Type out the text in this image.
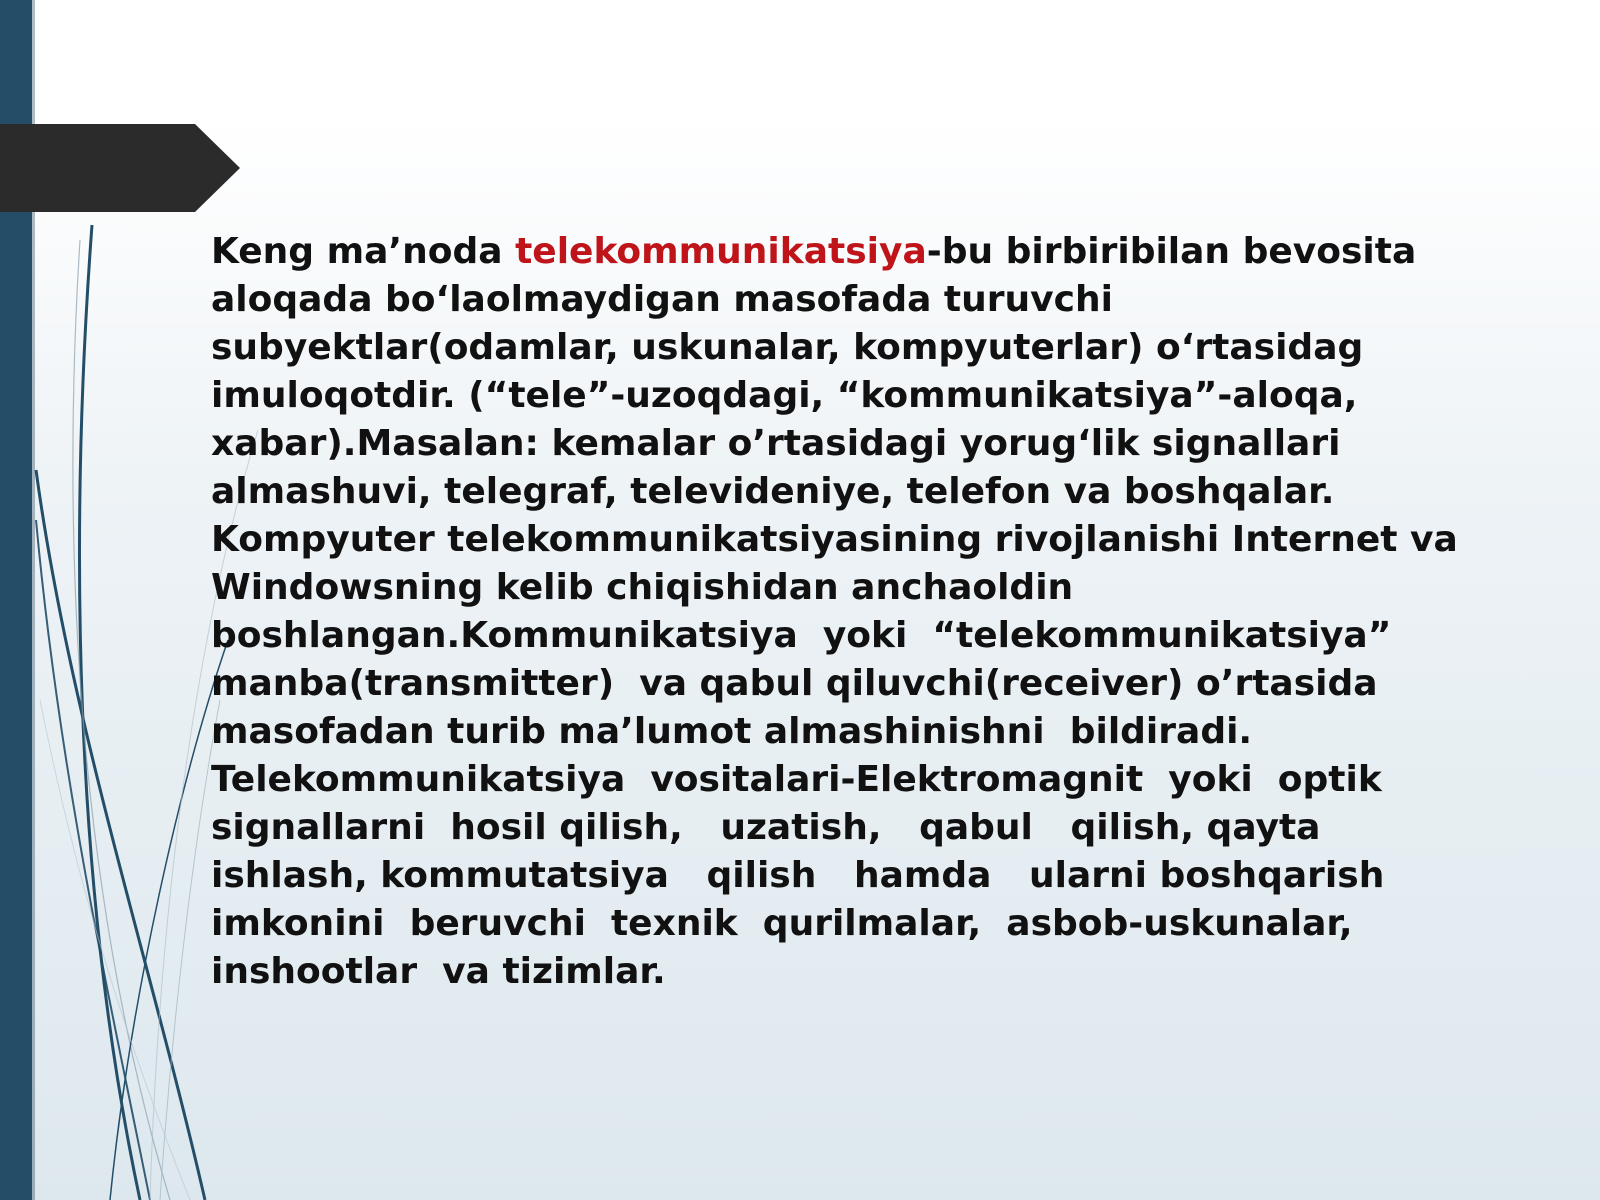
Keng ma’noda telekommunikatsiya-bu birbiribilan bevosita
aloqada bo‘laolmaydigan masofada turuvchi
subyektlar(odamlar, uskunalar, kompyuterlar) o‘rtasidag
imuloqotdir. (“tele”-uzoqdagi, “kommunikatsiya”-aloqa,
xabar).Masalan: kemalar o’rtasidagi yorug‘lik signallari
almashuvi, telegraf, televideniye, telefon va boshqalar.
Kompyuter telekommunikatsiyasining rivojlanishi Internet va
Windowsning kelib chiqishidan anchaoldin
boshlangan.Kommunikatsiya  yoki  “telekommunikatsiya”
manba(transmitter)  va qabul qiluvchi(receiver) o’rtasida
masofadan turib ma’lumot almashinishni  bildiradi.
Telekommunikatsiya  vositalari-Elektromagnit  yoki  optik
signallarni  hosil qilish,   uzatish,   qabul   qilish, qayta
ishlash, kommutatsiya   qilish   hamda   ularni boshqarish
imkonini  beruvchi  texnik  qurilmalar,  asbob-uskunalar,
inshootlar  va tizimlar.
